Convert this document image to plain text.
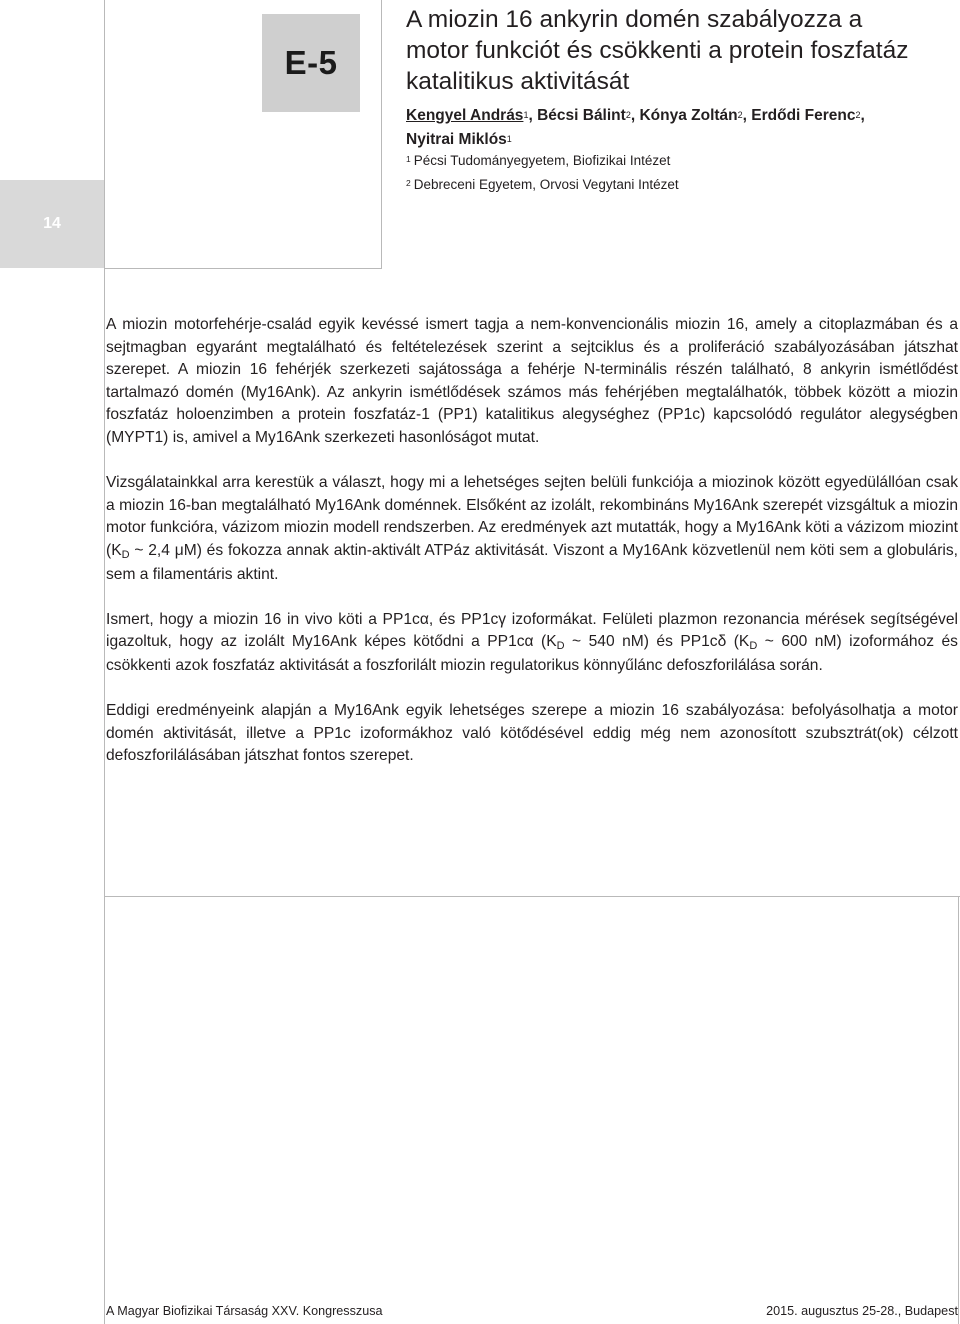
E-5
14
A miozin 16 ankyrin domén szabályozza a motor funkciót és csökkenti a protein foszfatáz katalitikus aktivitását
Kengyel András$^1$, Bécsi Bálint$^2$, Kónya Zoltán$^2$, Erdődi Ferenc$^2$,
Nyitrai Miklós$^1$
$^1$ Pécsi Tudományegyetem, Biofizikai Intézet
$^2$ Debreceni Egyetem, Orvosi Vegytani Intézet

A miozin motorfehérje-család egyik kevéssé ismert tagja a nem-konvencionális miozin 16, amely a citoplazmában és a sejtmagban egyaránt megtalálható és feltételezések szerint a sejtciklus és a proliferáció szabályozásában játszhat szerepet. A miozin 16 fehérjék szerkezeti sajátossága a fehérje N-terminális részén található, 8 ankyrin ismétlődést tartalmazó domén (My16Ank). Az ankyrin ismétlődések számos más fehérjében megtalálhatók, többek között a miozin foszfatáz holoenzimben a protein foszfatáz-1 (PP1) katalitikus alegységhez (PP1c) kapcsolódó regulátor alegységben (MYPT1) is, amivel a My16Ank szerkezeti hasonlóságot mutat.

Vizsgálatainkkal arra kerestük a választ, hogy mi a lehetséges sejten belüli funkciója a miozinok között egyedülállóan csak a miozin 16-ban megtalálható My16Ank doménnek. Elsőként az izolált, rekombináns My16Ank szerepét vizsgáltuk a miozin motor funkcióra, vázizom miozin modell rendszerben. Az eredmények azt mutatták, hogy a My16Ank köti a vázizom miozint ($K_D$ ~ 2,4 μM) és fokozza annak aktin-aktivált ATPáz aktivitását. Viszont a My16Ank közvetlenül nem köti sem a globuláris, sem a filamentáris aktint.

Ismert, hogy a miozin 16 in vivo köti a PP1cα, és PP1cγ izoformákat. Felületi plazmon rezonancia mérések segítségével igazoltuk, hogy az izolált My16Ank képes kötődni a PP1cα ($K_D$ ~ 540 nM) és PP1cδ ($K_D$ ~ 600 nM) izoformához és csökkenti azok foszfatáz aktivitását a foszforilált miozin regulatorikus könnyűlánc defoszforilálása során.

Eddigi eredményeink alapján a My16Ank egyik lehetséges szerepe a miozin 16 szabályozása: befolyásolhatja a motor domén aktivitását, illetve a PP1c izoformákhoz való kötődésével eddig még nem azonosított szubsztrát(ok) célzott defoszforilálásában játszhat fontos szerepet.

A Magyar Biofizikai Társaság XXV. Kongresszusa	2015. augusztus 25-28., Budapest
